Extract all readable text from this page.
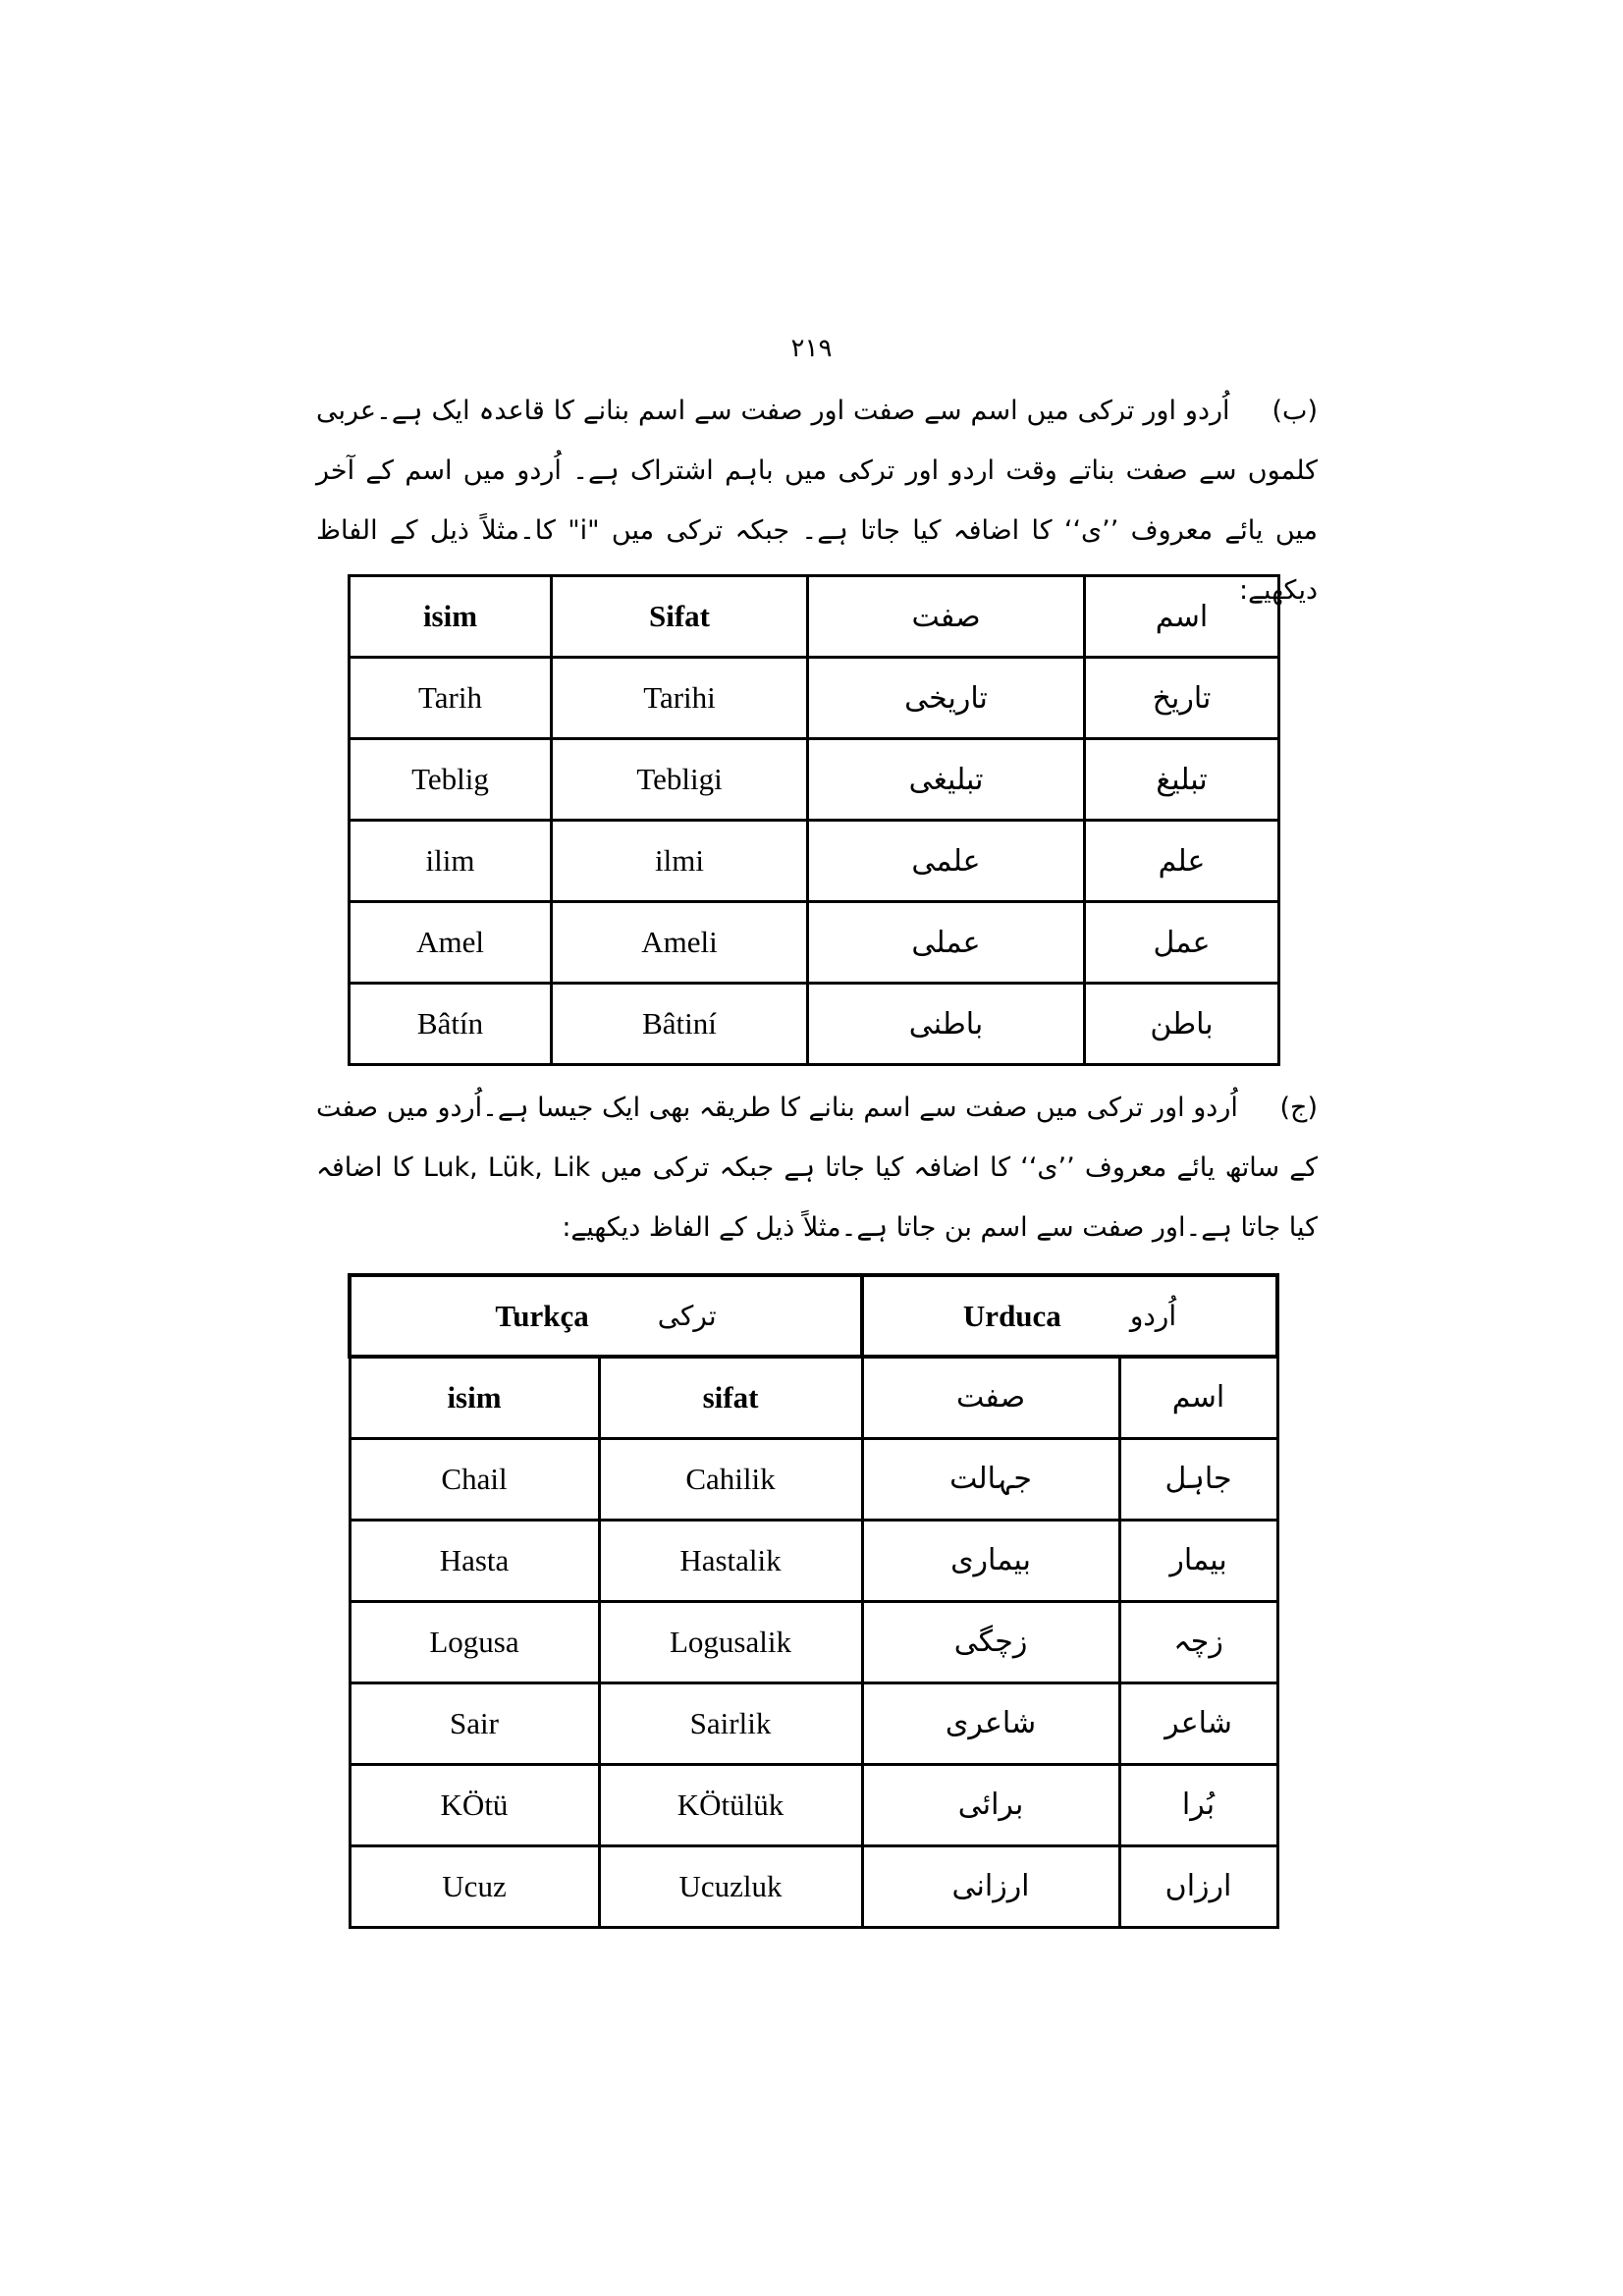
۲۱۹
(ب) اُردو اور ترکی میں اسم سے صفت اور صفت سے اسم بنانے کا قاعدہ ایک ہے۔عربی کلموں سے صفت بناتے وقت اردو اور ترکی میں باہم اشتراک ہے۔ اُردو میں اسم کے آخر میں یائے معروف ’’ی‘‘ کا اضافہ کیا جاتا ہے۔ جبکہ ترکی میں "i" کا۔مثلاً ذیل کے الفاظ دیکھیے:
isim	Sifat	صفت	اسم
Tarih	Tarihi	تاریخی	تاریخ
Teblig	Tebligi	تبلیغی	تبلیغ
ilim	ilmi	علمی	علم
Amel	Ameli	عملی	عمل
Bâtín	Bâtiní	باطنی	باطن
(ج) اُردو اور ترکی میں صفت سے اسم بنانے کا طریقہ بھی ایک جیسا ہے۔اُردو میں صفت کے ساتھ یائے معروف ’’ی‘‘ کا اضافہ کیا جاتا ہے جبکہ ترکی میں Luk, Lük, Lik کا اضافہ کیا جاتا ہے۔اور صفت سے اسم بن جاتا ہے۔مثلاً ذیل کے الفاظ دیکھیے:
Turkça ترکی		Urduca اُردو	

isim	sifat	صفت	اسم
Chail	Cahilik	جہالت	جاہل
Hasta	Hastalik	بیماری	بیمار
Logusa	Logusalik	زچگی	زچہ
Sair	Sairlik	شاعری	شاعر
KÖtü	KÖtülük	برائی	بُرا
Ucuz	Ucuzluk	ارزانی	ارزاں
